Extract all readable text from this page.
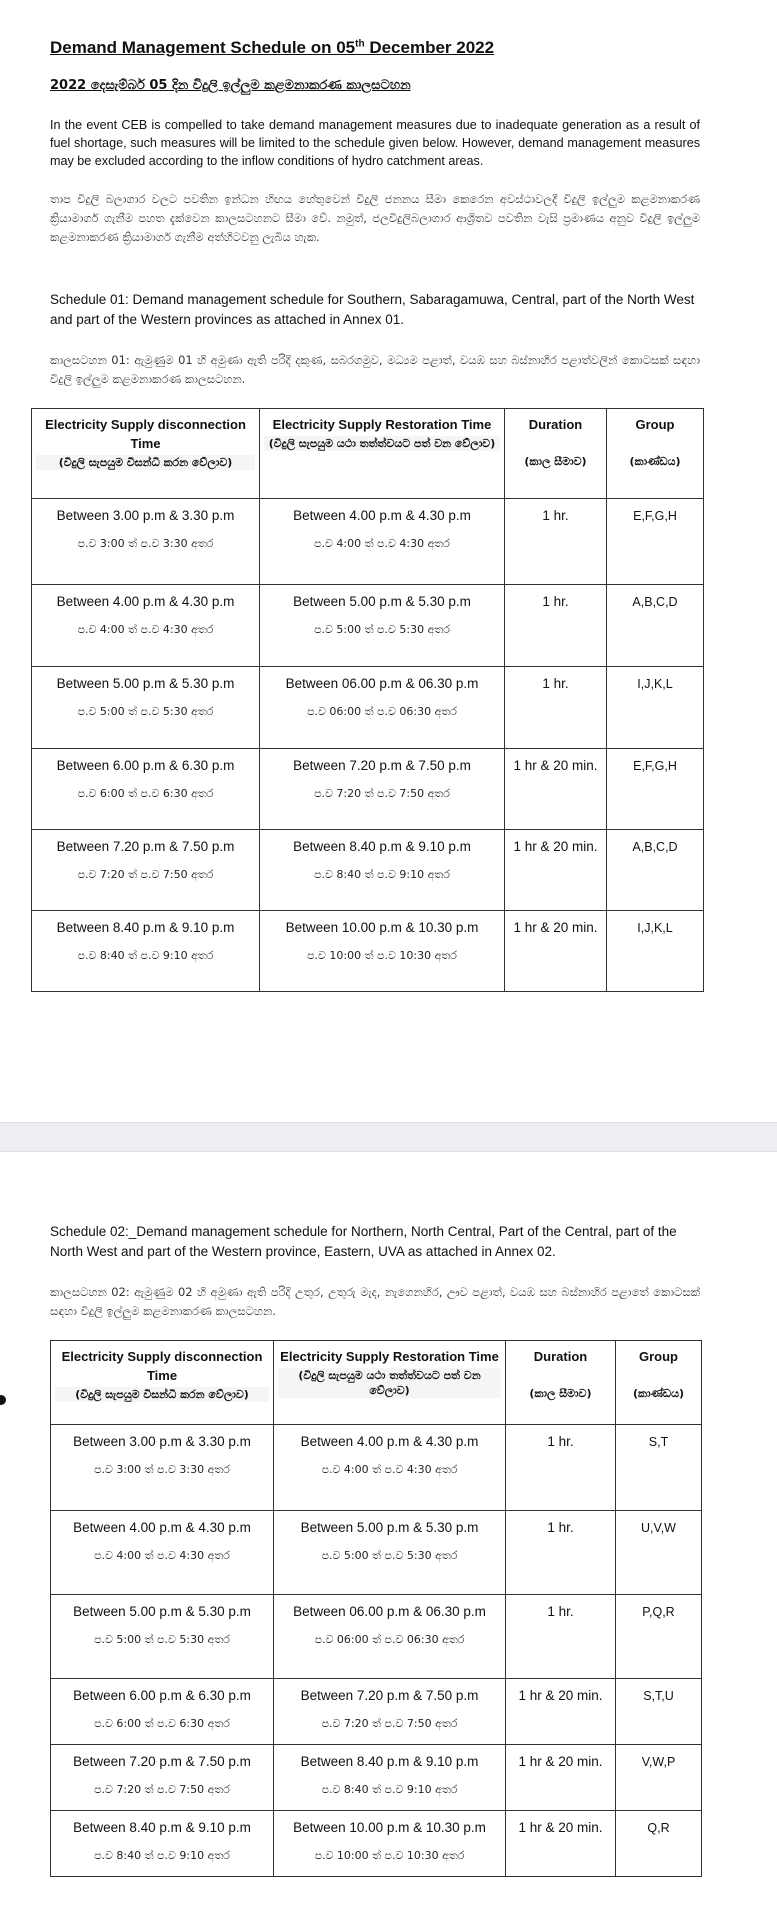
Demand Management Schedule on 05th December 2022
2022 දෙසැම්බර් 05 දින විදුලි ඉල්ලුම කළමනාකරණ කාලසටහන
In the event CEB is compelled to take demand management measures due to inadequate generation as a result of fuel shortage, such measures will be limited to the schedule given below. However, demand management measures may be excluded according to the inflow conditions of hydro catchment areas.
තාප විදුලි බලාගාර වලට පවතින ඉන්ධන හිඟය හේතුවෙන් විදුලි ජනනය සීමා කෙරෙන අවස්ථාවලදී විදුලි ඉල්ලුම කළමනාකරණ ක්‍රියාමාර්ග ගැනීම පහත දැක්වෙන කාලසටහනට සීමා වේ. නමුත්, ජලවිදුලිබලාගාර ආශ්‍රිතව පවතින වැසි ප්‍රමාණය අනුව විදුලි ඉල්ලුම කළමනාකරණ ක්‍රියාමාර්ග ගැනීම අත්හිටවනු ලැබිය හැක.
Schedule 01: Demand management schedule for Southern, Sabaragamuwa, Central, part of the North West and part of the Western provinces as attached in Annex 01.
කාලසටහන 01: ඇමුණුම 01 හි අමුණා ඇති පරිදි දකුණ, සබරගමුව, මධ්‍යම පළාත්, වයඹ සහ බස්නාහිර පළාත්වලින් කොටසක් සඳහා විදුලි ඉල්ලුම කළමනාකරණ කාලසටහන.
Electricity Supply disconnection Time
(විදුලි සැපයුම විසන්ධි කරන වේලාව)	Electricity Supply Restoration Time
(විදුලි සැපයුම යථා තත්ත්වයට පත් වන වේලාව)	Duration
(කාල සීමාව)	Group
(කාණ්ඩය)

Between 3.00 p.m & 3.30 p.m
ප.ව 3:00 ත් ප.ව 3:30 අතර	Between 4.00 p.m & 4.30 p.m
ප.ව 4:00 ත් ප.ව 4:30 අතර	1 hr.	E,F,G,H

Between 4.00 p.m & 4.30 p.m
ප.ව 4:00 ත් ප.ව 4:30 අතර	Between 5.00 p.m & 5.30 p.m
ප.ව 5:00 ත් ප.ව 5:30 අතර	1 hr.	A,B,C,D

Between 5.00 p.m & 5.30 p.m
ප.ව 5:00 ත් ප.ව 5:30 අතර	Between 06.00 p.m & 06.30 p.m
ප.ව 06:00 ත් ප.ව 06:30 අතර	1 hr.	I,J,K,L

Between 6.00 p.m & 6.30 p.m
ප.ව 6:00 ත් ප.ව 6:30 අතර	Between 7.20 p.m & 7.50 p.m
ප.ව 7:20 ත් ප.ව 7:50 අතර	1 hr & 20 min.	E,F,G,H

Between 7.20 p.m & 7.50 p.m
ප.ව 7:20 ත් ප.ව 7:50 අතර	Between 8.40 p.m & 9.10 p.m
ප.ව 8:40 ත් ප.ව 9:10 අතර	1 hr & 20 min.	A,B,C,D

Between 8.40 p.m & 9.10 p.m
ප.ව 8:40 ත් ප.ව 9:10 අතර	Between 10.00 p.m & 10.30 p.m
ප.ව 10:00 ත් ප.ව 10:30 අතර	1 hr & 20 min.	I,J,K,L
Schedule 02:_Demand management schedule for Northern, North Central, Part of the Central, part of the North West and part of the Western province, Eastern, UVA as attached in Annex 02.
කාලසටහන 02: ඇමුණුම 02 හි අමුණා ඇති පරිදි උතුර, උතුරු මැද, නැගෙනහිර, ඌව පළාත්, වයඹ සහ බස්නාහිර පළාතේ කොටසක් සඳහා විදුලි ඉල්ලුම කළමනාකරණ කාලසටහන.
Electricity Supply disconnection Time
(විදුලි සැපයුම විසන්ධි කරන වේලාව)	Electricity Supply Restoration Time
(විදුලි සැපයුම යථා තත්ත්වයට පත් වන වේලාව)	Duration
(කාල සීමාව)	Group
(කාණ්ඩය)

Between 3.00 p.m & 3.30 p.m
ප.ව 3:00 ත් ප.ව 3:30 අතර	Between 4.00 p.m & 4.30 p.m
ප.ව 4:00 ත් ප.ව 4:30 අතර	1 hr.	S,T

Between 4.00 p.m & 4.30 p.m
ප.ව 4:00 ත් ප.ව 4:30 අතර	Between 5.00 p.m & 5.30 p.m
ප.ව 5:00 ත් ප.ව 5:30 අතර	1 hr.	U,V,W

Between 5.00 p.m & 5.30 p.m
ප.ව 5:00 ත් ප.ව 5:30 අතර	Between 06.00 p.m & 06.30 p.m
ප.ව 06:00 ත් ප.ව 06:30 අතර	1 hr.	P,Q,R

Between 6.00 p.m & 6.30 p.m
ප.ව 6:00 ත් ප.ව 6:30 අතර	Between 7.20 p.m & 7.50 p.m
ප.ව 7:20 ත් ප.ව 7:50 අතර	1 hr & 20 min.	S,T,U

Between 7.20 p.m & 7.50 p.m
ප.ව 7:20 ත් ප.ව 7:50 අතර	Between 8.40 p.m & 9.10 p.m
ප.ව 8:40 ත් ප.ව 9:10 අතර	1 hr & 20 min.	V,W,P

Between 8.40 p.m & 9.10 p.m
ප.ව 8:40 ත් ප.ව 9:10 අතර	Between 10.00 p.m & 10.30 p.m
ප.ව 10:00 ත් ප.ව 10:30 අතර	1 hr & 20 min.	Q,R
